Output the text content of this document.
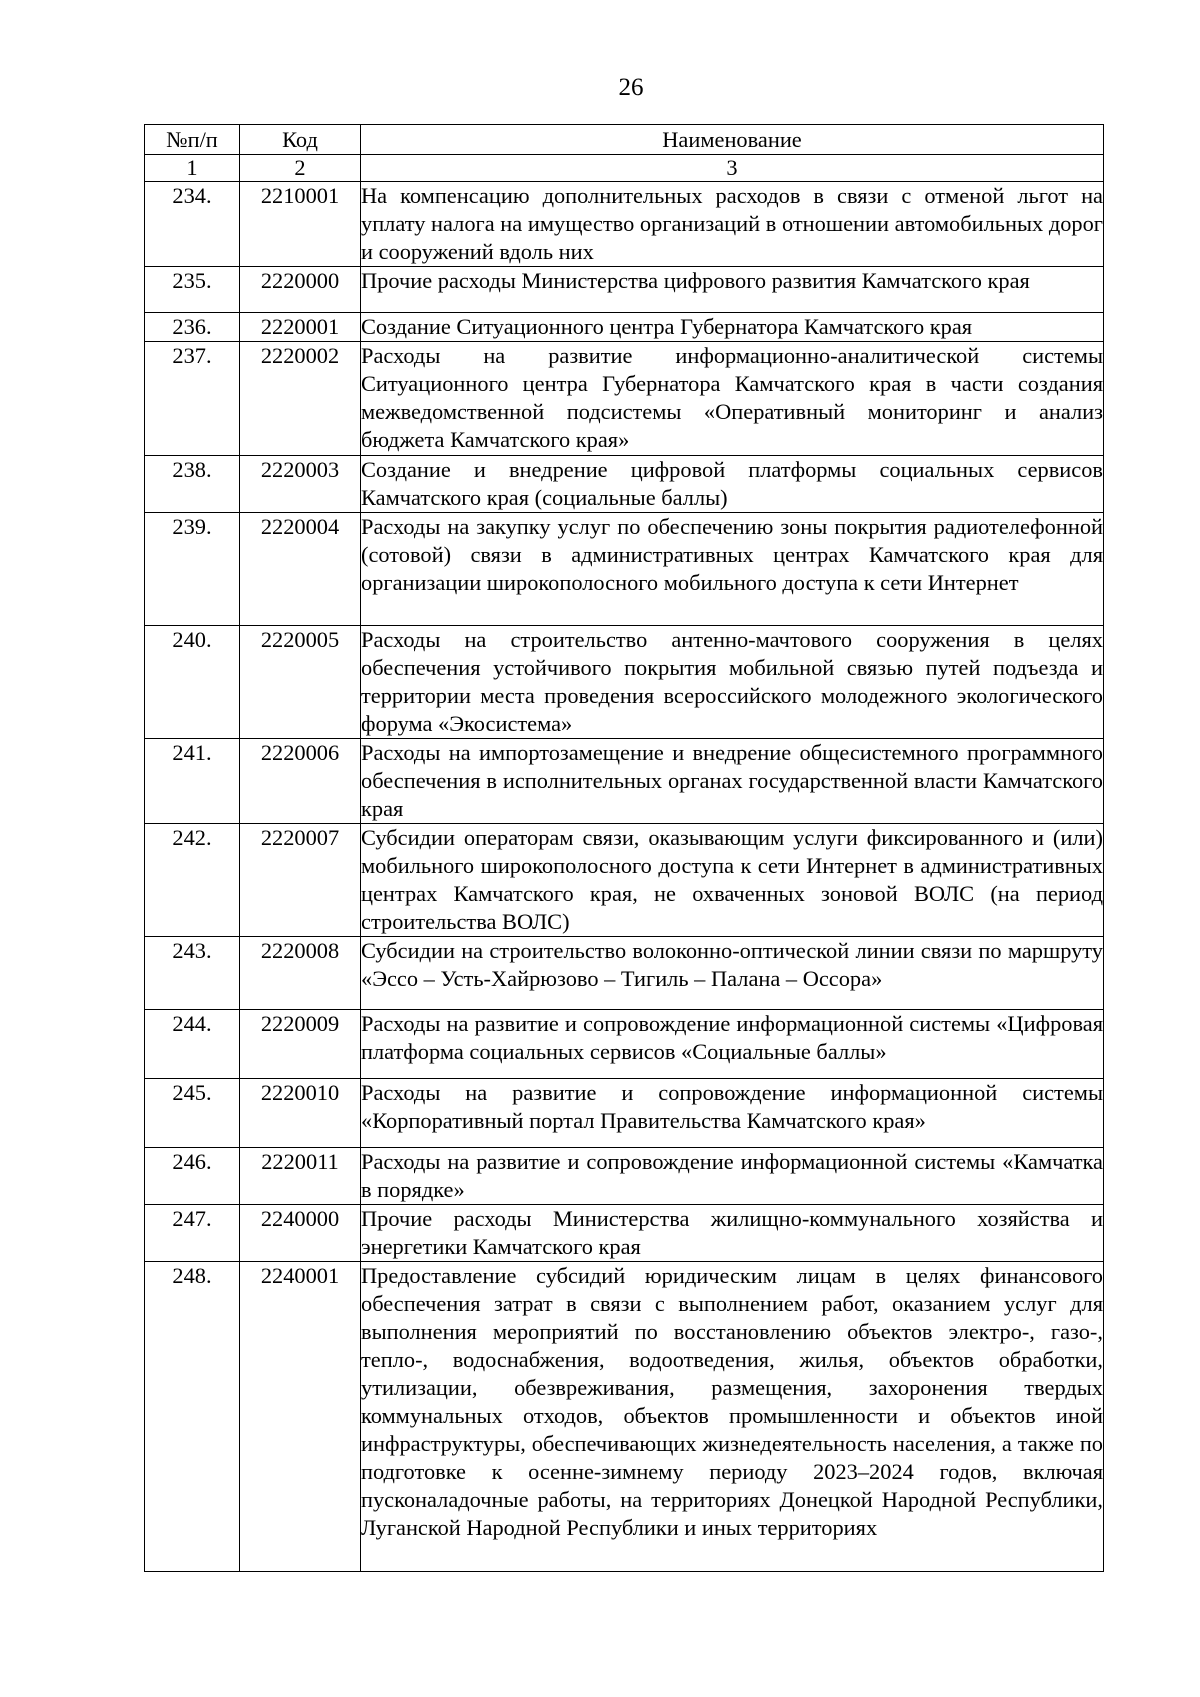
26
№п/п	Код	Наименование
1	2	3
234.	2210001	На компенсацию дополнительных расходов в связи с отменой льгот на уплату налога на имущество организаций в отношении автомобильных дорог и сооружений вдоль них
235.	2220000	Прочие расходы Министерства цифрового развития Камчатского края
236.	2220001	Создание Ситуационного центра Губернатора Камчатского края
237.	2220002	Расходы на развитие информационно-аналитической системы Ситуационного центра Губернатора Камчатского края в части создания межведомственной подсистемы «Оперативный мониторинг и анализ бюджета Камчатского края»
238.	2220003	Создание и внедрение цифровой платформы социальных сервисов Камчатского края (социальные баллы)
239.	2220004	Расходы на закупку услуг по обеспечению зоны покрытия радиотелефонной (сотовой) связи в административных центрах Камчатского края для организации широкополосного мобильного доступа к сети Интернет
240.	2220005	Расходы на строительство антенно-мачтового сооружения в целях обеспечения устойчивого покрытия мобильной связью путей подъезда и территории места проведения всероссийского молодежного экологического форума «Экосистема»
241.	2220006	Расходы на импортозамещение и внедрение общесистемного программного обеспечения в исполнительных органах государственной власти Камчатского края
242.	2220007	Субсидии операторам связи, оказывающим услуги фиксированного и (или) мобильного широкополосного доступа к сети Интернет в административных центрах Камчатского края, не охваченных зоновой ВОЛС (на период строительства ВОЛС)
243.	2220008	Субсидии на строительство волоконно-оптической линии связи по маршруту «Эссо – Усть-Хайрюзово – Тигиль – Палана – Оссора»
244.	2220009	Расходы на развитие и сопровождение информационной системы «Цифровая платформа социальных сервисов «Социальные баллы»
245.	2220010	Расходы на развитие и сопровождение информационной системы «Корпоративный портал Правительства Камчатского края»
246.	2220011	Расходы на развитие и сопровождение информационной системы «Камчатка в порядке»
247.	2240000	Прочие расходы Министерства жилищно-коммунального хозяйства и энергетики Камчатского края
248.	2240001	Предоставление субсидий юридическим лицам в целях финансового обеспечения затрат в связи с выполнением работ, оказанием услуг для выполнения мероприятий по восстановлению объектов электро-, газо-, тепло-, водоснабжения, водоотведения, жилья, объектов обработки, утилизации, обезвреживания, размещения, захоронения твердых коммунальных отходов, объектов промышленности и объектов иной инфраструктуры, обеспечивающих жизнедеятельность населения, а также по подготовке к осенне-зимнему периоду 2023–2024 годов, включая пусконаладочные работы, на территориях Донецкой Народной Республики, Луганской Народной Республики и иных территориях
